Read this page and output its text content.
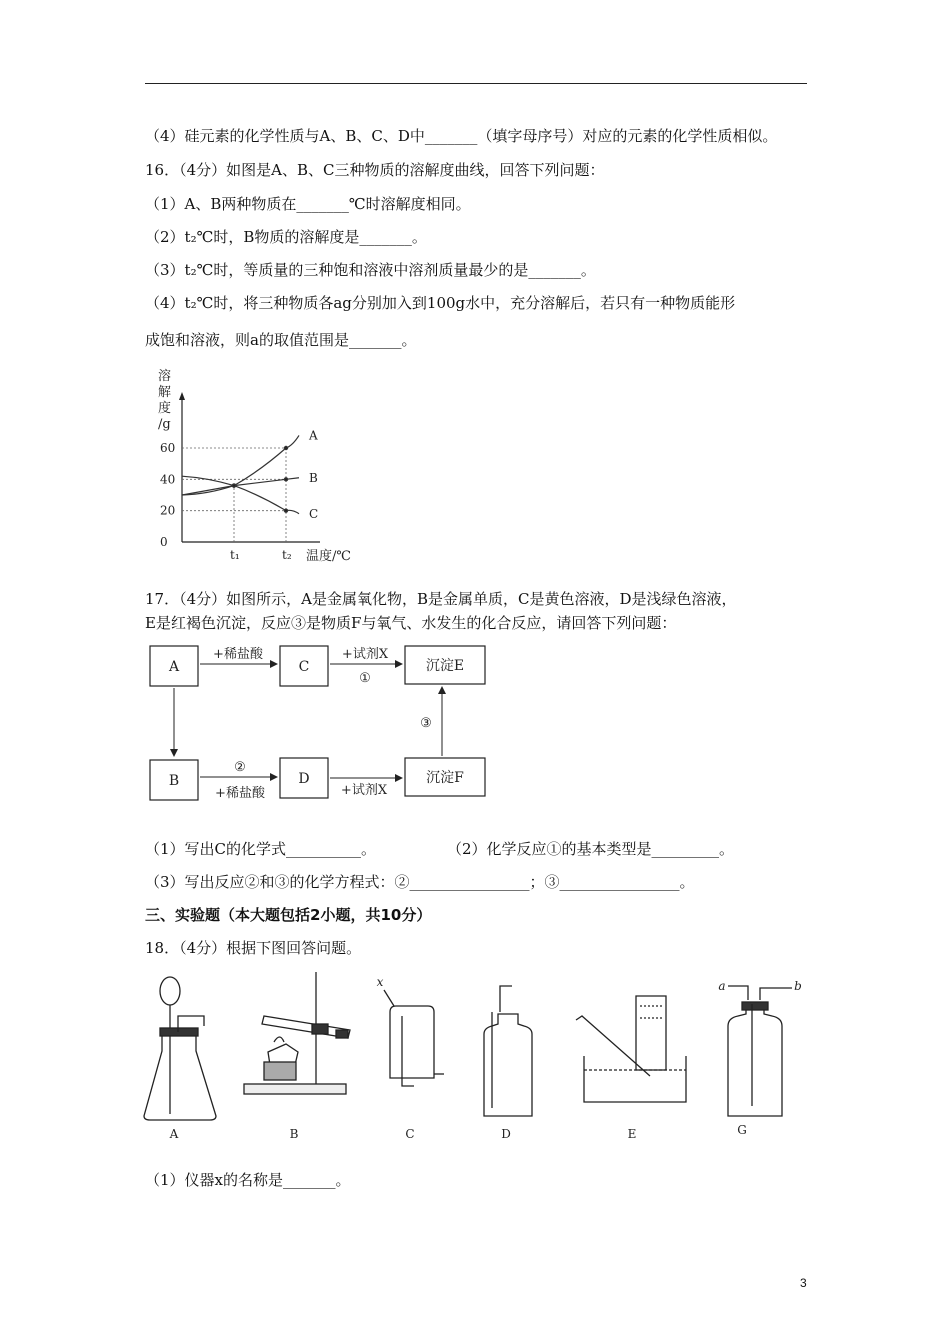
（4）硅元素的化学性质与A、B、C、D中_______（填字母序号）对应的元素的化学性质相似。
16．（4分）如图是A、B、C三种物质的溶解度曲线，回答下列问题：
（1）A、B两种物质在_______℃时溶解度相同。
（2）t₂℃时，B物质的溶解度是_______。
（3）t₂℃时，等质量的三种饱和溶液中溶剂质量最少的是_______。
（4）t₂℃时，将三种物质各ag分别加入到100g水中，充分溶解后，若只有一种物质能形
成饱和溶液，则a的取值范围是_______。
溶解度/g
0
20
40
60
t₁	t₂ 温度/℃
A
B
C
17．（4分）如图所示，A是金属氧化物，B是金属单质，C是黄色溶液，D是浅绿色溶液，
E是红褐色沉淀，反应③是物质F与氧气、水发生的化合反应，请回答下列问题：
A	C	沉淀E
B	D	沉淀F
+稀盐酸	+试剂X
①
②
+稀盐酸	+试剂X
③
（1）写出C的化学式__________。	（2）化学反应①的基本类型是_________。
（3）写出反应②和③的化学方程式：②________________；③________________。
三、实验题（本大题包括2小题，共10分）
18．（4分）根据下图回答问题。
A	B	C	D	E	G
x	a	b
（1）仪器x的名称是_______。
3
